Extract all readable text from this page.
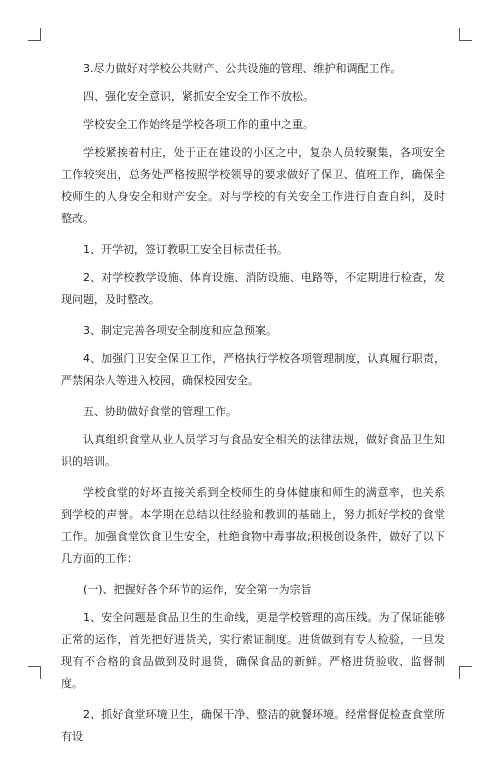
3.尽力做好对学校公共财产、公共设施的管理、维护和调配工作。

四、强化安全意识，紧抓安全安全工作不放松。

学校安全工作始终是学校各项工作的重中之重。

学校紧挨着村庄，处于正在建设的小区之中，复杂人员较聚集，各项安全工作较突出，总务处严格按照学校领导的要求做好了保卫、值班工作，确保全校师生的人身安全和财产安全。对与学校的有关安全工作进行自查自纠，及时整改。

1、开学初，签订教职工安全目标责任书。

2、对学校教学设施、体育设施、消防设施、电路等，不定期进行检查，发现问题，及时整改。

3、制定完善各项安全制度和应急预案。

4、加强门卫安全保卫工作，严格执行学校各项管理制度，认真履行职责，严禁闲杂人等进入校园，确保校园安全。

五、协助做好食堂的管理工作。

认真组织食堂从业人员学习与食品安全相关的法律法规，做好食品卫生知识的培训。

学校食堂的好坏直接关系到全校师生的身体健康和师生的满意率，也关系到学校的声誉。本学期在总结以往经验和教训的基础上，努力抓好学校的食堂工作。加强食堂饮食卫生安全，杜绝食物中毒事故;积极创设条件，做好了以下几方面的工作：

(一)、把握好各个环节的运作，安全第一为宗旨

1、安全问题是食品卫生的生命线，更是学校管理的高压线。为了保证能够正常的运作，首先把好进货关，实行索证制度。进货做到有专人检验，一旦发现有不合格的食品做到及时退货，确保食品的新鲜。严格进货验收、监督制度。

2、抓好食堂环境卫生，确保干净、整洁的就餐环境。经常督促检查食堂所有设
